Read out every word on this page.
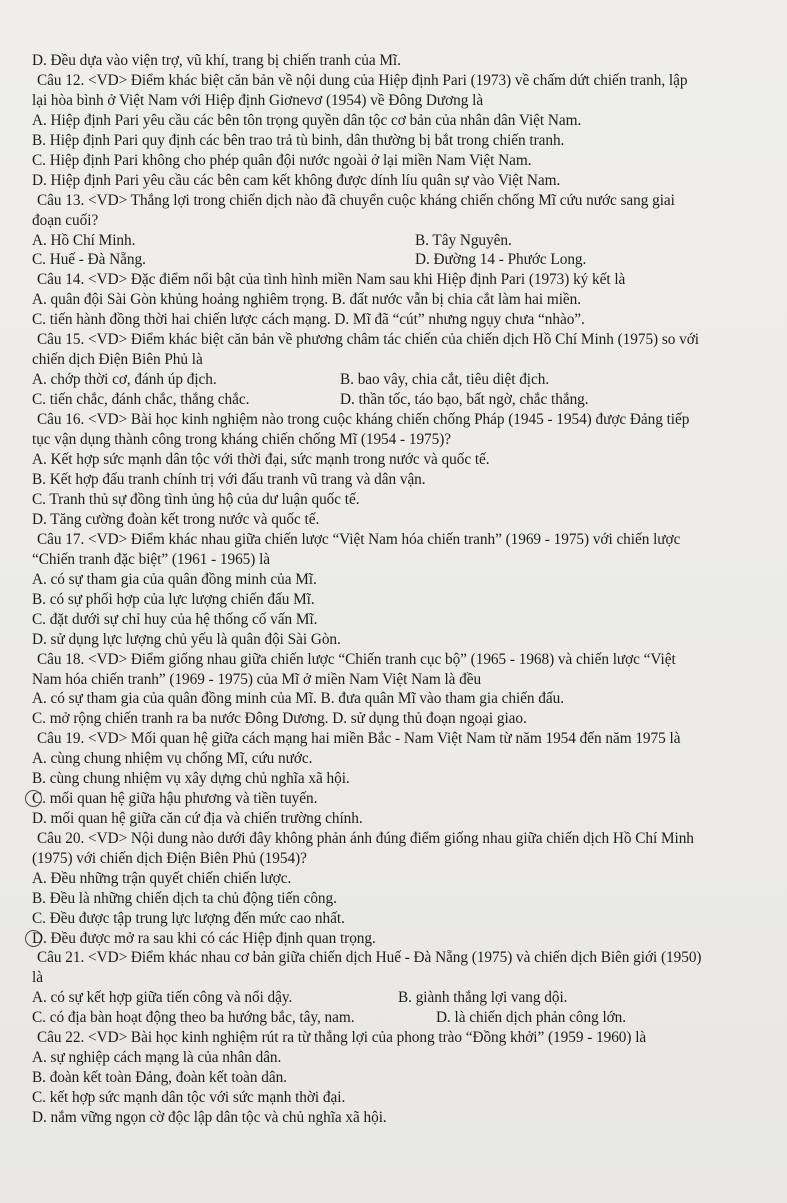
D. Đều dựa vào viện trợ, vũ khí, trang bị chiến tranh của Mĩ.
Câu 12. <VD> Điểm khác biệt căn bản về nội dung của Hiệp định Pari (1973) về chấm dứt chiến tranh, lập
lại hòa bình ở Việt Nam với Hiệp định Giơnevơ (1954) về Đông Dương là
A. Hiệp định Pari yêu cầu các bên tôn trọng quyền dân tộc cơ bản của nhân dân Việt Nam.
B. Hiệp định Pari quy định các bên trao trả tù binh, dân thường bị bắt trong chiến tranh.
C. Hiệp định Pari không cho phép quân đội nước ngoài ở lại miền Nam Việt Nam.
D. Hiệp định Pari yêu cầu các bên cam kết không được dính líu quân sự vào Việt Nam.
Câu 13. <VD> Thắng lợi trong chiến dịch nào đã chuyển cuộc kháng chiến chống Mĩ cứu nước sang giai
đoạn cuối?
A. Hồ Chí Minh.	B. Tây Nguyên.
C. Huế - Đà Nẵng.	D. Đường 14 - Phước Long.
Câu 14. <VD> Đặc điểm nổi bật của tình hình miền Nam sau khi Hiệp định Pari (1973) ký kết là
A. quân đội Sài Gòn khủng hoảng nghiêm trọng. B. đất nước vẫn bị chia cắt làm hai miền.
C. tiến hành đồng thời hai chiến lược cách mạng. D. Mĩ đã “cút” nhưng ngụy chưa “nhào”.
Câu 15. <VD> Điểm khác biệt căn bản về phương châm tác chiến của chiến dịch Hồ Chí Minh (1975) so với
chiến dịch Điện Biên Phủ là
A. chớp thời cơ, đánh úp địch.	B. bao vây, chia cắt, tiêu diệt địch.
C. tiến chắc, đánh chắc, thắng chắc.	D. thần tốc, táo bạo, bất ngờ, chắc thắng.
Câu 16. <VD> Bài học kinh nghiệm nào trong cuộc kháng chiến chống Pháp (1945 - 1954) được Đảng tiếp
tục vận dụng thành công trong kháng chiến chống Mĩ (1954 - 1975)?
A. Kết hợp sức mạnh dân tộc với thời đại, sức mạnh trong nước và quốc tế.
B. Kết hợp đấu tranh chính trị với đấu tranh vũ trang và dân vận.
C. Tranh thủ sự đồng tình ủng hộ của dư luận quốc tế.
D. Tăng cường đoàn kết trong nước và quốc tế.
Câu 17. <VD> Điểm khác nhau giữa chiến lược “Việt Nam hóa chiến tranh” (1969 - 1975) với chiến lược
“Chiến tranh đặc biệt” (1961 - 1965) là
A. có sự tham gia của quân đồng minh của Mĩ.
B. có sự phối hợp của lực lượng chiến đấu Mĩ.
C. đặt dưới sự chỉ huy của hệ thống cố vấn Mĩ.
D. sử dụng lực lượng chủ yếu là quân đội Sài Gòn.
Câu 18. <VD> Điểm giống nhau giữa chiến lược “Chiến tranh cục bộ” (1965 - 1968) và chiến lược “Việt
Nam hóa chiến tranh” (1969 - 1975) của Mĩ ở miền Nam Việt Nam là đều
A. có sự tham gia của quân đồng minh của Mĩ. B. đưa quân Mĩ vào tham gia chiến đấu.
C. mở rộng chiến tranh ra ba nước Đông Dương. D. sử dụng thủ đoạn ngoại giao.
Câu 19. <VD> Mối quan hệ giữa cách mạng hai miền Bắc - Nam Việt Nam từ năm 1954 đến năm 1975 là
A. cùng chung nhiệm vụ chống Mĩ, cứu nước.
B. cùng chung nhiệm vụ xây dựng chủ nghĩa xã hội.
C. mối quan hệ giữa hậu phương và tiền tuyến.
D. mối quan hệ giữa căn cứ địa và chiến trường chính.
Câu 20. <VD> Nội dung nào dưới đây không phản ánh đúng điểm giống nhau giữa chiến dịch Hồ Chí Minh
(1975) với chiến dịch Điện Biên Phủ (1954)?
A. Đều những trận quyết chiến chiến lược.
B. Đều là những chiến dịch ta chủ động tiến công.
C. Đều được tập trung lực lượng đến mức cao nhất.
D. Đều được mở ra sau khi có các Hiệp định quan trọng.
Câu 21. <VD> Điểm khác nhau cơ bản giữa chiến dịch Huế - Đà Nẵng (1975) và chiến dịch Biên giới (1950)
là
A. có sự kết hợp giữa tiến công và nổi dậy.	B. giành thắng lợi vang dội.
C. có địa bàn hoạt động theo ba hướng bắc, tây, nam.	D. là chiến dịch phản công lớn.
Câu 22. <VD> Bài học kinh nghiệm rút ra từ thắng lợi của phong trào “Đồng khởi” (1959 - 1960) là
A. sự nghiệp cách mạng là của nhân dân.
B. đoàn kết toàn Đảng, đoàn kết toàn dân.
C. kết hợp sức mạnh dân tộc với sức mạnh thời đại.
D. nắm vững ngọn cờ độc lập dân tộc và chủ nghĩa xã hội.
